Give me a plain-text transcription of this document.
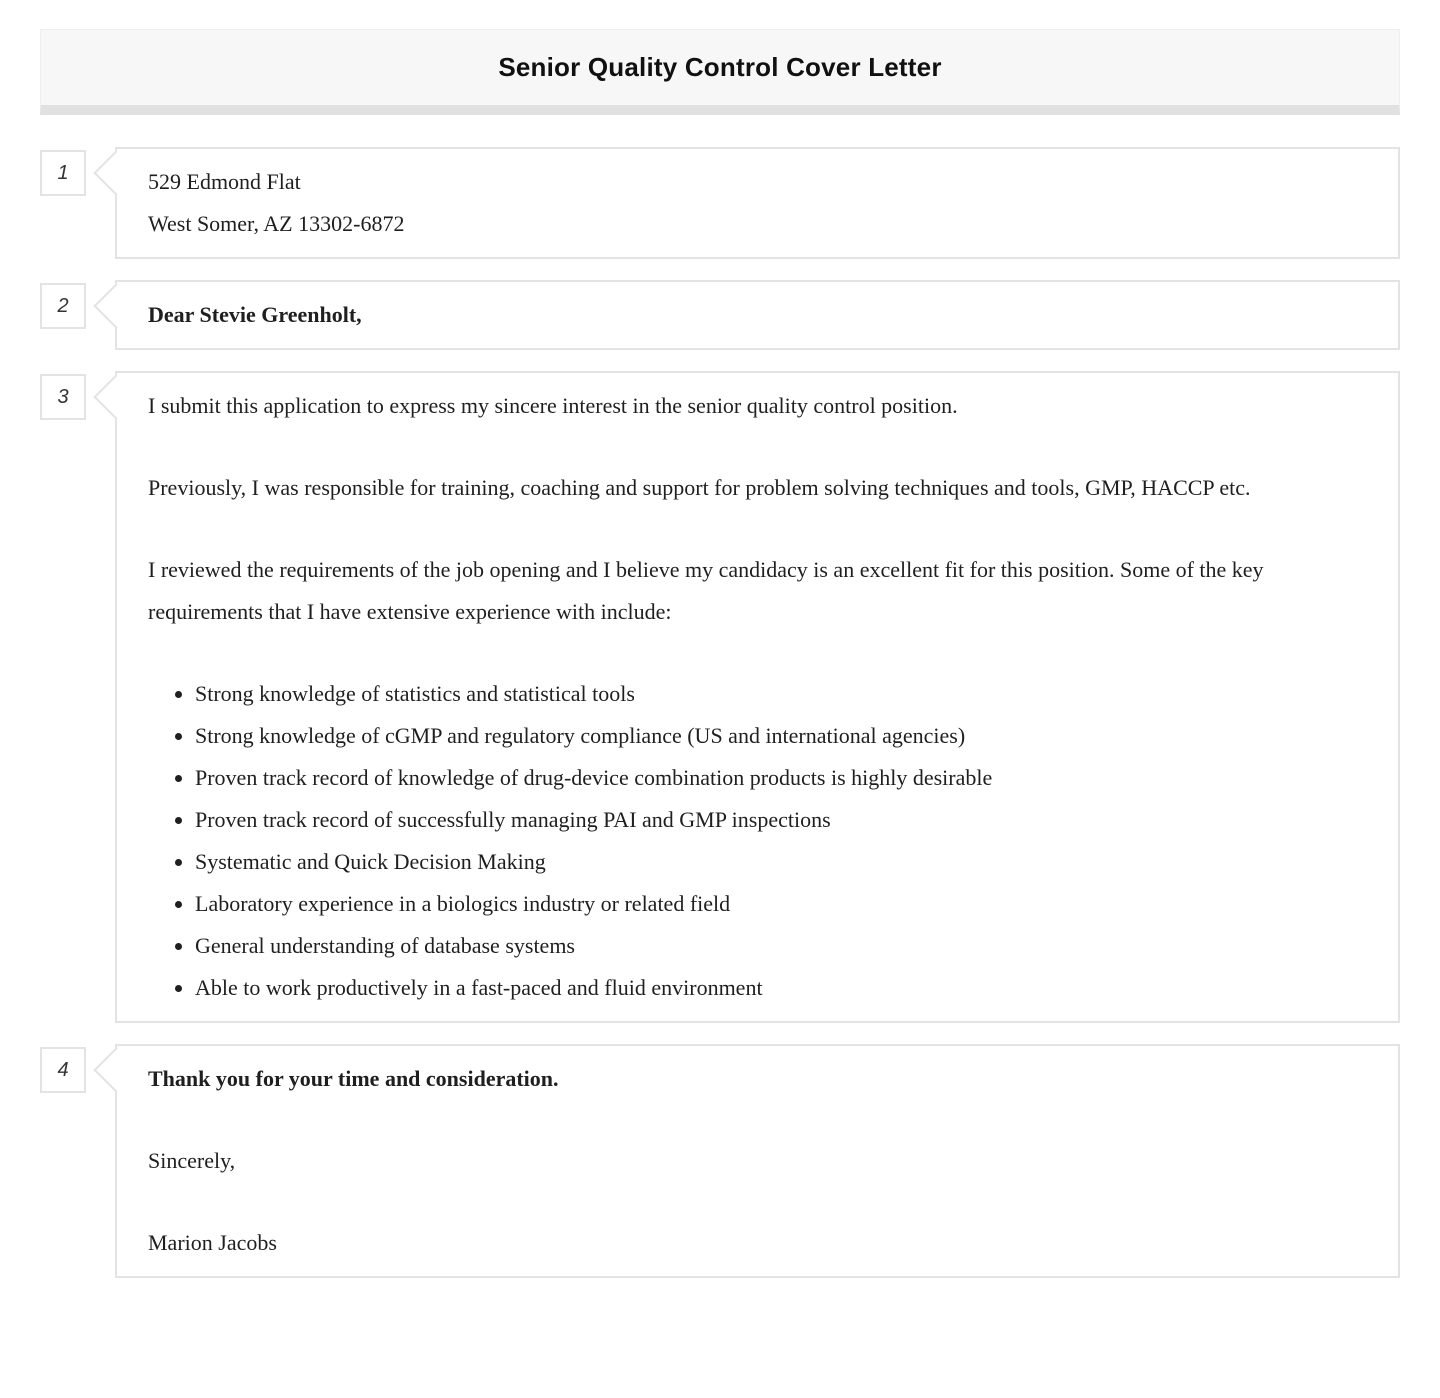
Senior Quality Control Cover Letter
1	529 Edmond Flat
West Somer, AZ 13302-6872
2	Dear Stevie Greenholt,
3	I submit this application to express my sincere interest in the senior quality control position.

Previously, I was responsible for training, coaching and support for problem solving techniques and tools, GMP, HACCP etc.

I reviewed the requirements of the job opening and I believe my candidacy is an excellent fit for this position. Some of the key requirements that I have extensive experience with include:

• Strong knowledge of statistics and statistical tools
• Strong knowledge of cGMP and regulatory compliance (US and international agencies)
• Proven track record of knowledge of drug-device combination products is highly desirable
• Proven track record of successfully managing PAI and GMP inspections
• Systematic and Quick Decision Making
• Laboratory experience in a biologics industry or related field
• General understanding of database systems
• Able to work productively in a fast-paced and fluid environment
4	Thank you for your time and consideration.

Sincerely,

Marion Jacobs
